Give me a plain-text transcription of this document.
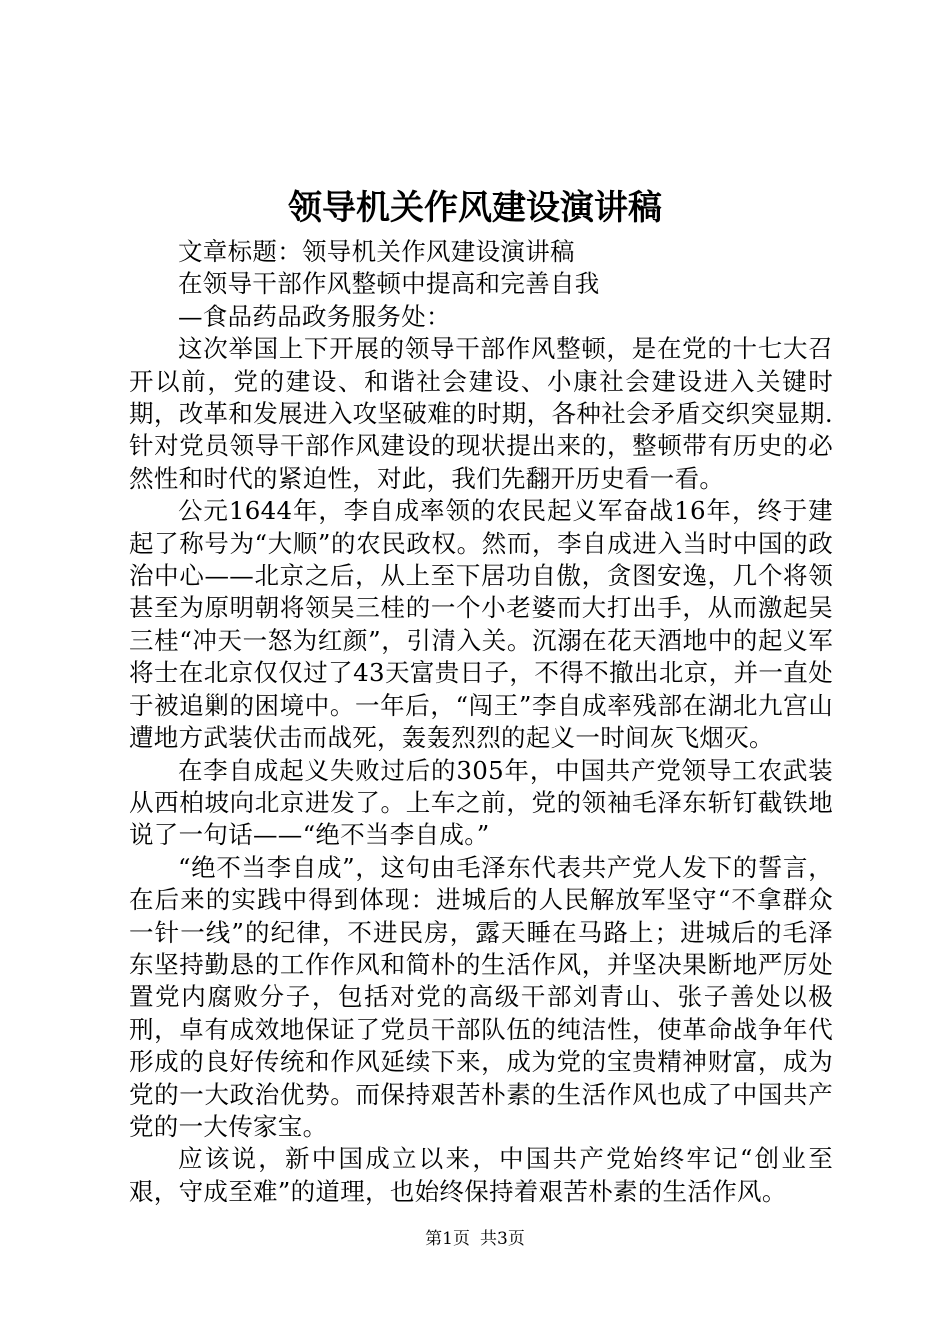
领导机关作风建设演讲稿

文章标题：领导机关作风建设演讲稿

在领导干部作风整顿中提高和完善自我

—食品药品政务服务处：

这次举国上下开展的领导干部作风整顿，是在党的十七大召开以前，党的建设、和谐社会建设、小康社会建设进入关键时期，改革和发展进入攻坚破难的时期，各种社会矛盾交织突显期.针对党员领导干部作风建设的现状提出来的，整顿带有历史的必然性和时代的紧迫性，对此，我们先翻开历史看一看。

公元1644年，李自成率领的农民起义军奋战16年，终于建起了称号为“大顺”的农民政权。然而，李自成进入当时中国的政治中心——北京之后，从上至下居功自傲，贪图安逸，几个将领甚至为原明朝将领吴三桂的一个小老婆而大打出手，从而激起吴三桂“冲天一怒为红颜”，引清入关。沉溺在花天酒地中的起义军将士在北京仅仅过了43天富贵日子，不得不撤出北京，并一直处于被追剿的困境中。一年后，“闯王”李自成率残部在湖北九宫山遭地方武装伏击而战死，轰轰烈烈的起义一时间灰飞烟灭。

在李自成起义失败过后的305年，中国共产党领导工农武装从西柏坡向北京进发了。上车之前，党的领袖毛泽东斩钉截铁地说了一句话——“绝不当李自成。”

“绝不当李自成”，这句由毛泽东代表共产党人发下的誓言，在后来的实践中得到体现：进城后的人民解放军坚守“不拿群众一针一线”的纪律，不进民房，露天睡在马路上；进城后的毛泽东坚持勤恳的工作作风和简朴的生活作风，并坚决果断地严厉处置党内腐败分子，包括对党的高级干部刘青山、张子善处以极刑，卓有成效地保证了党员干部队伍的纯洁性，使革命战争年代形成的良好传统和作风延续下来，成为党的宝贵精神财富，成为党的一大政治优势。而保持艰苦朴素的生活作风也成了中国共产党的一大传家宝。

应该说，新中国成立以来，中国共产党始终牢记“创业至艰，守成至难”的道理，也始终保持着艰苦朴素的生活作风。

第1页 共3页
